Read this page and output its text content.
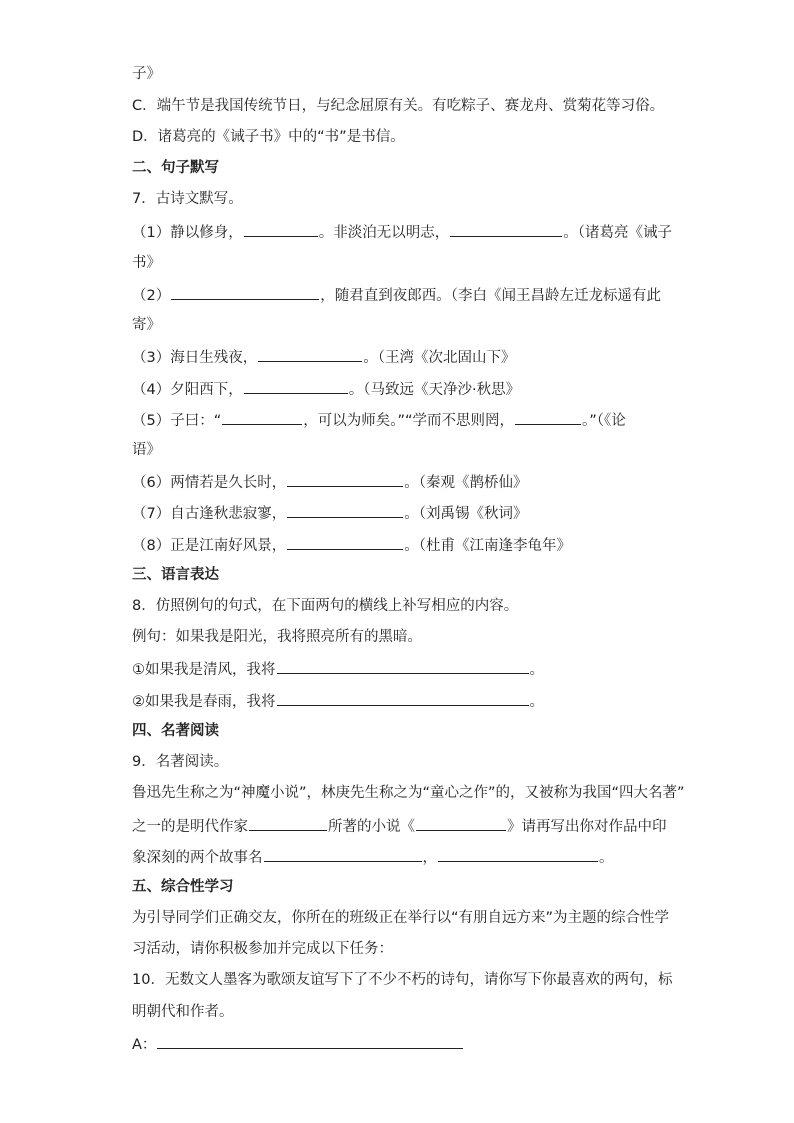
子》
C．端午节是我国传统节日，与纪念屈原有关。有吃粽子、赛龙舟、赏菊花等习俗。
D．诸葛亮的《诫子书》中的“书”是书信。
二、句子默写
7．古诗文默写。
（1）静以修身，	。非淡泊无以明志，	。（诸葛亮《诫子
书》
（2）	，随君直到夜郎西。（李白《闻王昌龄左迁龙标遥有此
寄》
（3）海日生残夜，	。（王湾《次北固山下》
（4）夕阳西下，	。（马致远《天净沙·秋思》
（5）子曰：“	，可以为师矣。”“学而不思则罔，	。”（《论
语》
（6）两情若是久长时，	。（秦观《鹊桥仙》
（7）自古逢秋悲寂寥，	。（刘禹锡《秋词》
（8）正是江南好风景，	。（杜甫《江南逢李龟年》
三、语言表达
8．仿照例句的句式，在下面两句的横线上补写相应的内容。
例句：如果我是阳光，我将照亮所有的黑暗。
①如果我是清风，我将	。
②如果我是春雨，我将	。
四、名著阅读
9．名著阅读。
鲁迅先生称之为“神魔小说”，林庚先生称之为“童心之作”的，又被称为我国“四大名著”
之一的是明代作家	所著的小说《	》请再写出你对作品中印
象深刻的两个故事名	，	。
五、综合性学习
为引导同学们正确交友，你所在的班级正在举行以“有朋自远方来”为主题的综合性学
习活动，请你积极参加并完成以下任务：
10．无数文人墨客为歌颂友谊写下了不少不朽的诗句，请你写下你最喜欢的两句，标
明朝代和作者。
A：
